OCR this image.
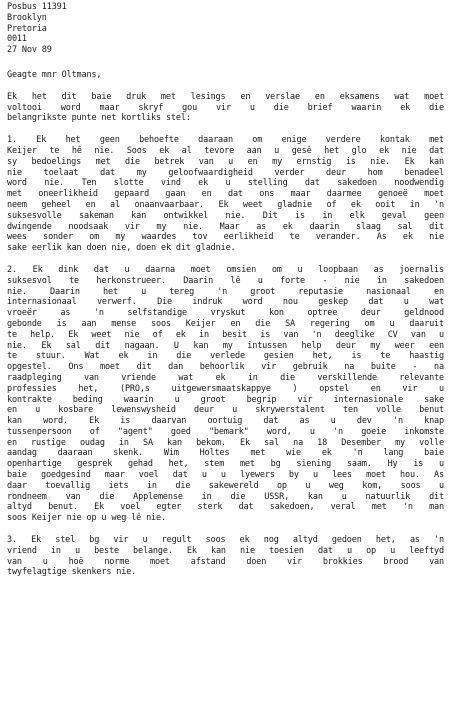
Posbus 11391
Brooklyn
Pretoria
0011
27 Nov 89
Geagte mnr Oltmans,
Ek het dit baie druk met lesings en verslae en eksamens wat moet
voltooi word maar skryf gou vir u die brief waarin ek die
belangrikste punte net kortliks stel:
1. Ek het geen behoefte daaraan om enige verdere kontak met
Keijer te hê nie. Soos ek al tevore aan u gesê het glo ek nie dat
sy bedoelings met die betrek van u en my ernstig is nie. Ek kan
nie toelaat dat my geloofwaardigheid verder deur hom benadeel
word nie. Ten slotte vind ek u stelling dat sakedoen noodwendig
met oneerlikheid gepaard gaan en dat ons maar daarmee genoeë moet
neem geheel en al onaanvaarbaar. Ek weet gladnie of ek ooit in 'n
suksesvolle sakeman kan ontwikkel nie. Dit is in elk geval geen
dwingende noodsaak vir my nie. Maar as ek daarin slaag sal dit
wees sonder om my waardes tov eerlikheid te verander. As ek nie
sake eerlik kan doen nie, doen ek dit gladnie.
2. Ek dink dat u daarna moet omsien om u loopbaan as joernalis
suksesvol te herkonstrueer. Daarin lê u forte - nie in sakedoen
nie. Daarin het u tereg 'n groot reputasie nasionaal en
internasionaal verwerf. Die indruk word nou geskep dat u wat
vroeër as 'n selfstandige vryskut kon optree deur geldnood
gebonde is aan mense soos Keijer en die SA regering om u daaruit
te help. Ek weet nie of ek in besit is van 'n deeglike CV van u
nie. Ek sal dit nagaan. U kan my intussen help deur my weer een
te stuur. Wat ek in die verlede gesien het, is te haastig
opgestel. Ons moet dit dan behoorlik vir gebruik na buite - na
raadpleging van vriende wat ek in die verskillende relevante
professies het, (PRO,s uitgewersmaatskappye ) opstel en vir u
kontrakte beding waarin u groot begrip vir internasionale sake
en u kosbare lewenswysheid deur u skrywerstalent ten volle benut
kan word. Ek is daarvan oortuig dat as u dev 'n knap
tussenpersoon of "agent" goed "bemark" word, u 'n goeie inkomste
en rustige oudag in SA kan bekom. Ek sal na 18 Desember my volle
aandag daaraan skenk. Wim Holtes met wie ek 'n lang baie
openhartige gesprek gehad het, stem met bg siening saam. Hy is u
baie goedgesind maar voel dat u u lyewers by u lees moet hou. As
daar toevallig iets in die sakewereld op u weg kom, soos u
rondneem van die Applemense in die USSR, kan u natuurlik dit
altyd benut. Ek voel egter sterk dat sakedoen, veral met 'n man
soos Keijer nie op u weg lê nie.
3. Ek stel bg vir u regult soos ek nog altyd gedoen het, as 'n
vriend in u beste belange. Ek kan nie toesien dat u op u leeftyd
van u hoë norme moet afstand doen vir brokkies brood van
twyfelagtige skenkers nie.
